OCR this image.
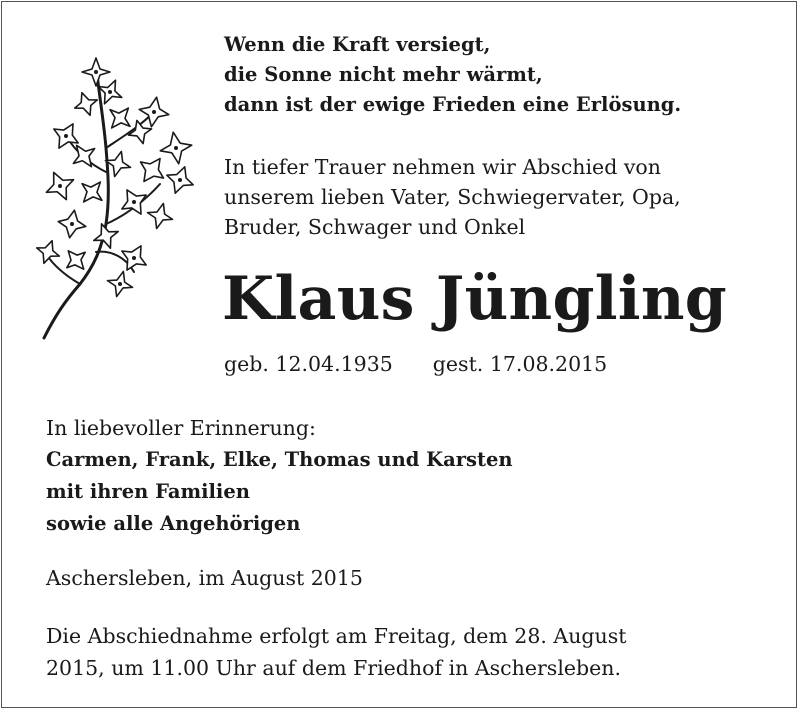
Wenn die Kraft versiegt,
die Sonne nicht mehr wärmt,
dann ist der ewige Frieden eine Erlösung.
In tiefer Trauer nehmen wir Abschied von
unserem lieben Vater, Schwiegervater, Opa,
Bruder, Schwager und Onkel
Klaus Jüngling
geb. 12.04.1935 gest. 17.08.2015
In liebevoller Erinnerung:
Carmen, Frank, Elke, Thomas und Karsten
mit ihren Familien
sowie alle Angehörigen
Aschersleben, im August 2015
Die Abschiednahme erfolgt am Freitag, dem 28. August
2015, um 11.00 Uhr auf dem Friedhof in Aschersleben.
